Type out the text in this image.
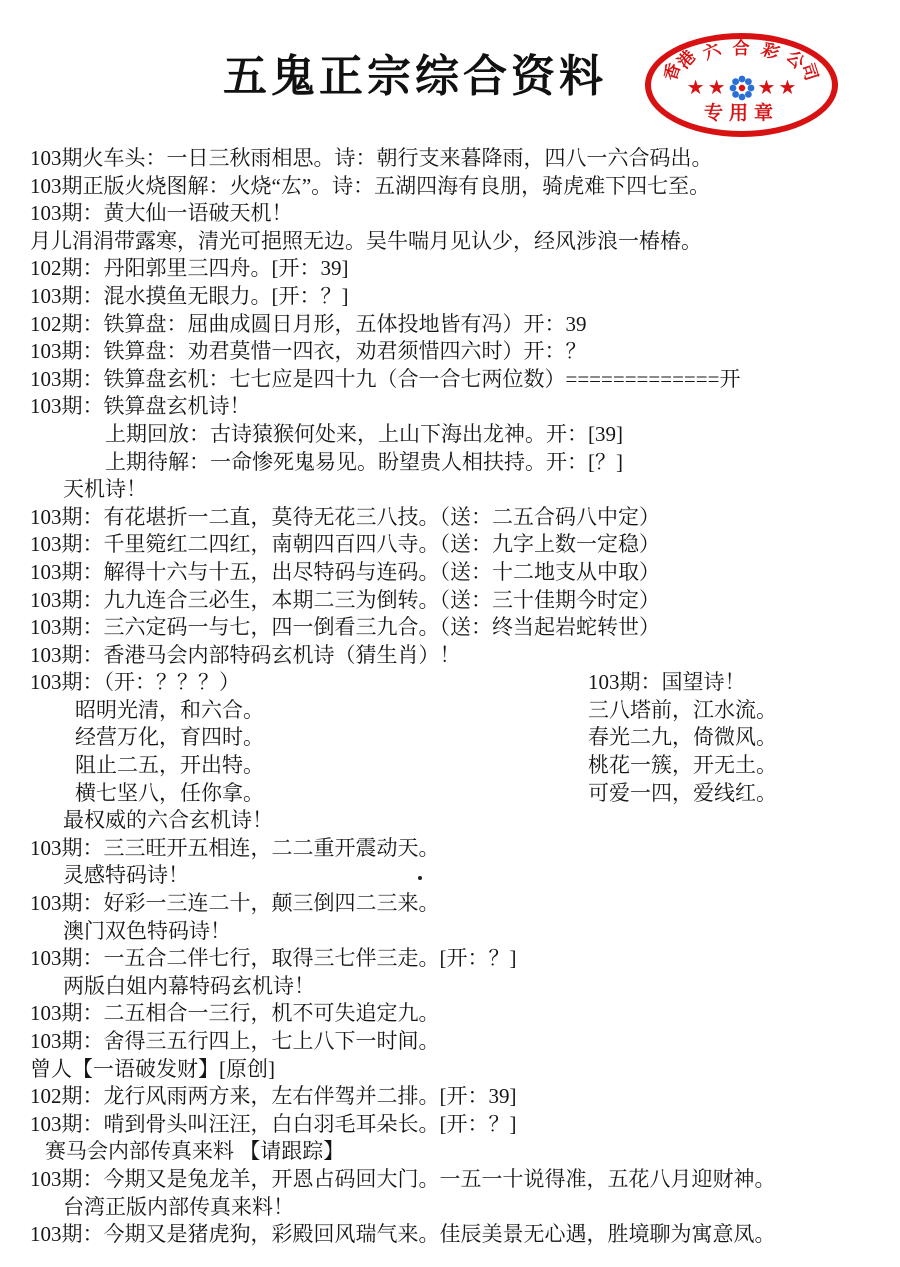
五鬼正宗综合资料	香
港 六 合 彩 公
司
★ ★ ★ ★
专用章
103期火车头：一日三秋雨相思。诗：朝行支来暮降雨，四八一六合码出。
103期正版火烧图解：火烧“厷”。诗：五湖四海有良朋，骑虎难下四七至。
103期：黄大仙一语破天机！
月儿涓涓带露寒，清光可挹照无边。吴牛喘月见认少，经风涉浪一椿椿。
102期：丹阳郭里三四舟。[开：39]
103期：混水摸鱼无眼力。[开：？]
102期：铁算盘：屈曲成圆日月形，五体投地皆有冯）开：39
103期：铁算盘：劝君莫惜一四衣，劝君须惜四六时）开：？
103期：铁算盘玄机：七七应是四十九（合一合七两位数）=============开
103期：铁算盘玄机诗！
上期回放：古诗猿猴何处来，上山下海出龙神。开：[39]
上期待解：一命惨死鬼易见。盼望贵人相扶持。开：[？]
天机诗！
103期：有花堪折一二直，莫待无花三八技。（送：二五合码八中定）
103期：千里箢红二四红，南朝四百四八寺。（送：九字上数一定稳）
103期：解得十六与十五，出尽特码与连码。（送：十二地支从中取）
103期：九九连合三必生，本期二三为倒转。（送：三十佳期今时定）
103期：三六定码一与七，四一倒看三九合。（送：终当起岩蛇转世）
103期：香港马会内部特码玄机诗（猜生肖）！
103期：（开：？？？）	103期：国望诗！
昭明光清，和六合。	三八塔前，江水流。
经营万化，育四时。	春光二九，倚微风。
阻止二五，开出特。	桃花一簇，开无土。
横七坚八，任你拿。	可爱一四，爱线红。
最权威的六合玄机诗！
103期：三三旺开五相连，二二重开震动天。
灵感特码诗！
103期：好彩一三连二十，颠三倒四二三来。
澳门双色特码诗！
103期：一五合二伴七行，取得三七伴三走。[开：？]
两版白姐内幕特码玄机诗！
103期：二五相合一三行，机不可失追定九。
103期：舍得三五行四上，七上八下一时间。
曾人【一语破发财】[原创]
102期：龙行风雨两方来，左右伴驾并二排。[开：39]
103期：啃到骨头叫汪汪，白白羽毛耳朵长。[开：？]
赛马会内部传真来料 【请跟踪】
103期：今期又是兔龙羊，开恩占码回大门。一五一十说得准，五花八月迎财神。
台湾正版内部传真来料！
103期：今期又是猪虎狗，彩殿回风瑞气来。佳辰美景无心遇，胜境聊为寓意凤。
